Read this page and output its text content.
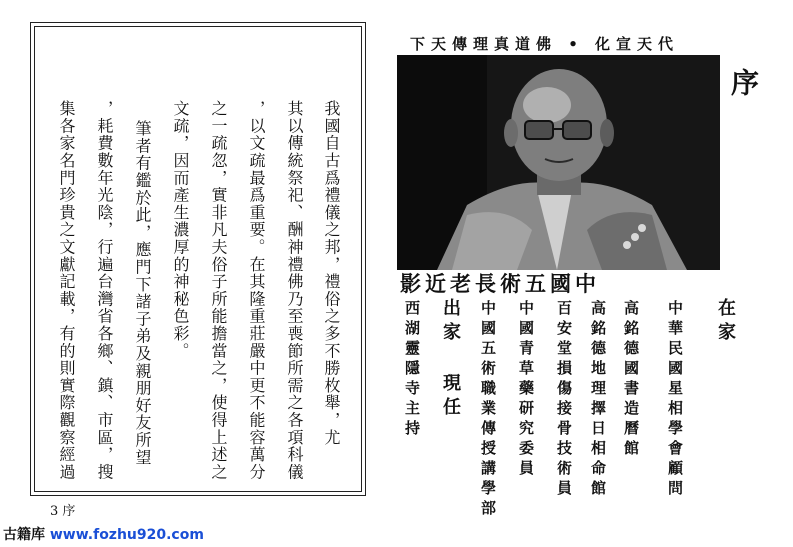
序
我國自古爲禮儀之邦，禮俗之多不勝枚舉，尤
其以傳統祭祀、酬神禮佛乃至喪節所需之各項科儀
，以文疏最爲重要。在其隆重莊嚴中更不能容萬分
之一疏忽，實非凡夫俗子所能擔當之，使得上述之
文疏，因而產生濃厚的神秘色彩。
筆者有鑑於此，應門下諸子弟及親朋好友所望
，耗費數年光陰，行遍台灣省各鄉、鎮、市區，搜
集各家名門珍貴之文獻記載，有的則實際觀察經過
3 序
下天傳理真道佛 • 化宣天代
影近老長術五國中
在家
中華民國星相學會顧問
高銘德國書造曆館
高銘德地理擇日相命館
百安堂損傷接骨技術員
中國青草藥研究委員
中國五術職業傳授講學部
出家 現任
西湖靈隱寺主持
古籍库 www.fozhu920.com
